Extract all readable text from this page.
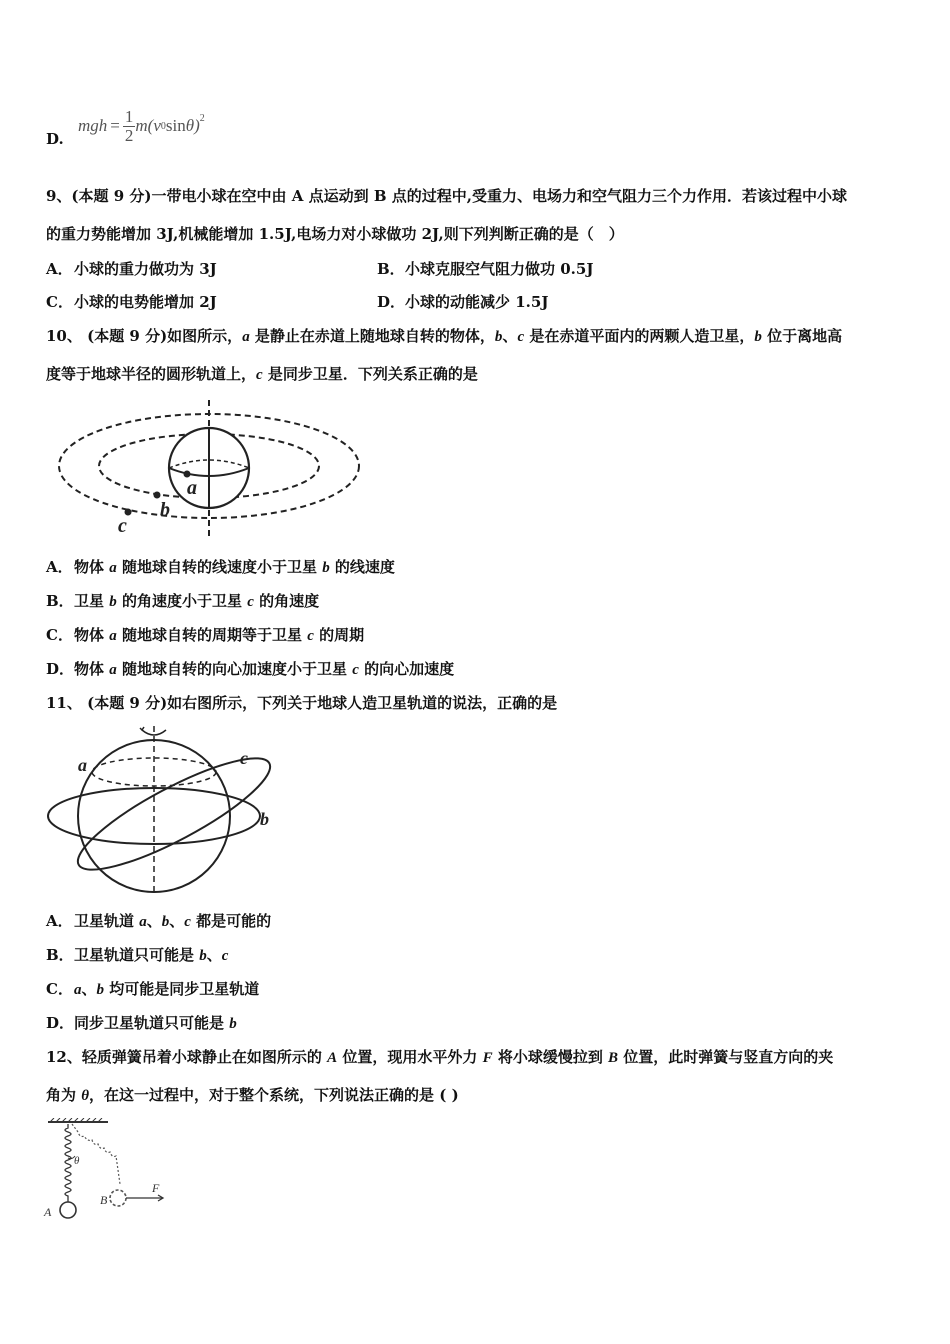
D.
mgh = $\frac{1}{2} m$( v 0 sin θ )$^2$
9、(本题 9 分)一带电小球在空中由 A 点运动到 B 点的过程中,受重力、电场力和空气阻力三个力作用．若该过程中小球
的重力势能增加 3J,机械能增加 1.5J,电场力对小球做功 2J,则下列判断正确的是（　）
A．小球的重力做功为 3J	B．小球克服空气阻力做功 0.5J
C．小球的电势能增加 2J	D．小球的动能减少 1.5J
10、 (本题 9 分)如图所示，a 是静止在赤道上随地球自转的物体，b、c 是在赤道平面内的两颗人造卫星，b 位于离地高
度等于地球半径的圆形轨道上，c 是同步卫星．下列关系正确的是
a
b
c
A．物体 a 随地球自转的线速度小于卫星 b 的线速度
B．卫星 b 的角速度小于卫星 c 的角速度
C．物体 a 随地球自转的周期等于卫星 c 的周期
D．物体 a 随地球自转的向心加速度小于卫星 c 的向心加速度
11、 (本题 9 分)如右图所示，下列关于地球人造卫星轨道的说法，正确的是
a
b
c
A．卫星轨道 a、b、c 都是可能的
B．卫星轨道只可能是 b、c
C．a、b 均可能是同步卫星轨道
D．同步卫星轨道只可能是 b
12、轻质弹簧吊着小球静止在如图所示的 A 位置，现用水平外力 F 将小球缓慢拉到 B 位置，此时弹簧与竖直方向的夹
角为 θ，在这一过程中，对于整个系统，下列说法正确的是 ( )
θ
A
B
F
